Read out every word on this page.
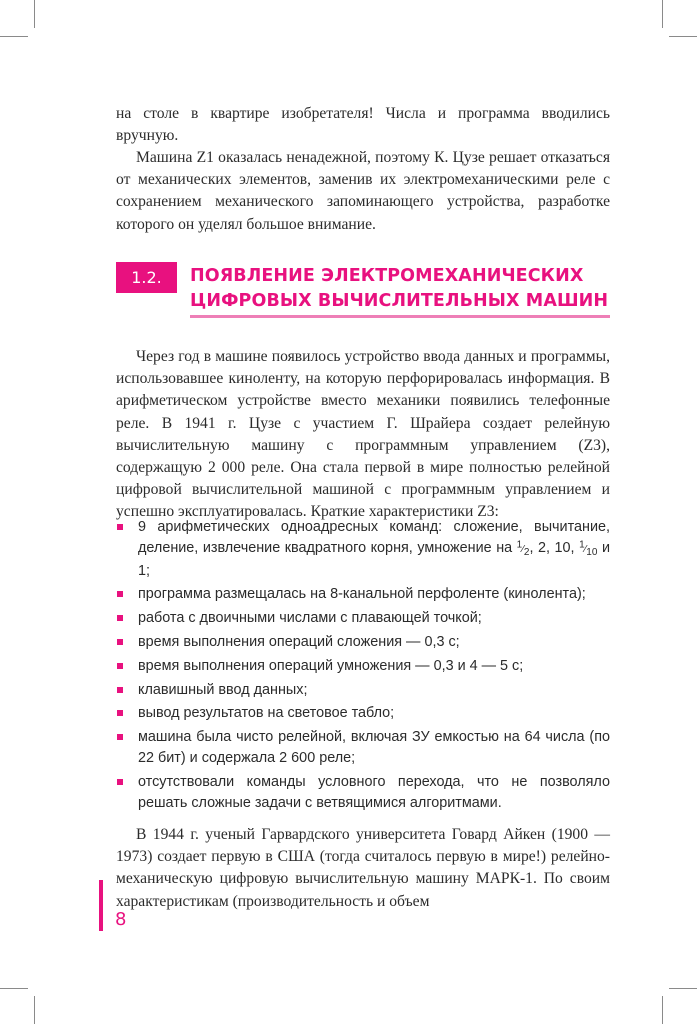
на столе в квартире изобретателя! Числа и программа вводились вручную.

Машина Z1 оказалась ненадежной, поэтому К. Цузе решает отказаться от механических элементов, заменив их электромеханическими реле с сохранением механического запоминающего устройства, разработке которого он уделял большое внимание.

1.2.	ПОЯВЛЕНИЕ ЭЛЕКТРОМЕХАНИЧЕСКИХ
ЦИФРОВЫХ ВЫЧИСЛИТЕЛЬНЫХ МАШИН

Через год в машине появилось устройство ввода данных и программы, использовавшее киноленту, на которую перфорировалась информация. В арифметическом устройстве вместо механики появились телефонные реле. В 1941 г. Цузе с участием Г. Шрайера создает релейную вычислительную машину с программным управлением (Z3), содержащую 2 000 реле. Она стала первой в мире полностью релейной цифровой вычислительной машиной с программным управлением и успешно эксплуатировалась. Краткие характеристики Z3:

9 арифметических одноадресных команд: сложение, вычитание, деление, извлечение квадратного корня, умножение на $^1⁄_2$, 2, 10, $^1⁄_{10}$ и 1;
программа размещалась на 8-канальной перфоленте (кинолента);
работа с двоичными числами с плавающей точкой;
время выполнения операций сложения — 0,3 с;
время выполнения операций умножения — 0,3 и 4 — 5 с;
клавишный ввод данных;
вывод результатов на световое табло;
машина была чисто релейной, включая ЗУ емкостью на 64 числа (по 22 бит) и содержала 2 600 реле;
отсутствовали команды условного перехода, что не позволяло решать сложные задачи с ветвящимися алгоритмами.

В 1944 г. ученый Гарвардского университета Говард Айкен (1900 — 1973) создает первую в США (тогда считалось первую в мире!) релейно-механическую цифровую вычислительную машину МАРК-1. По своим характеристикам (производительность и объем

8
